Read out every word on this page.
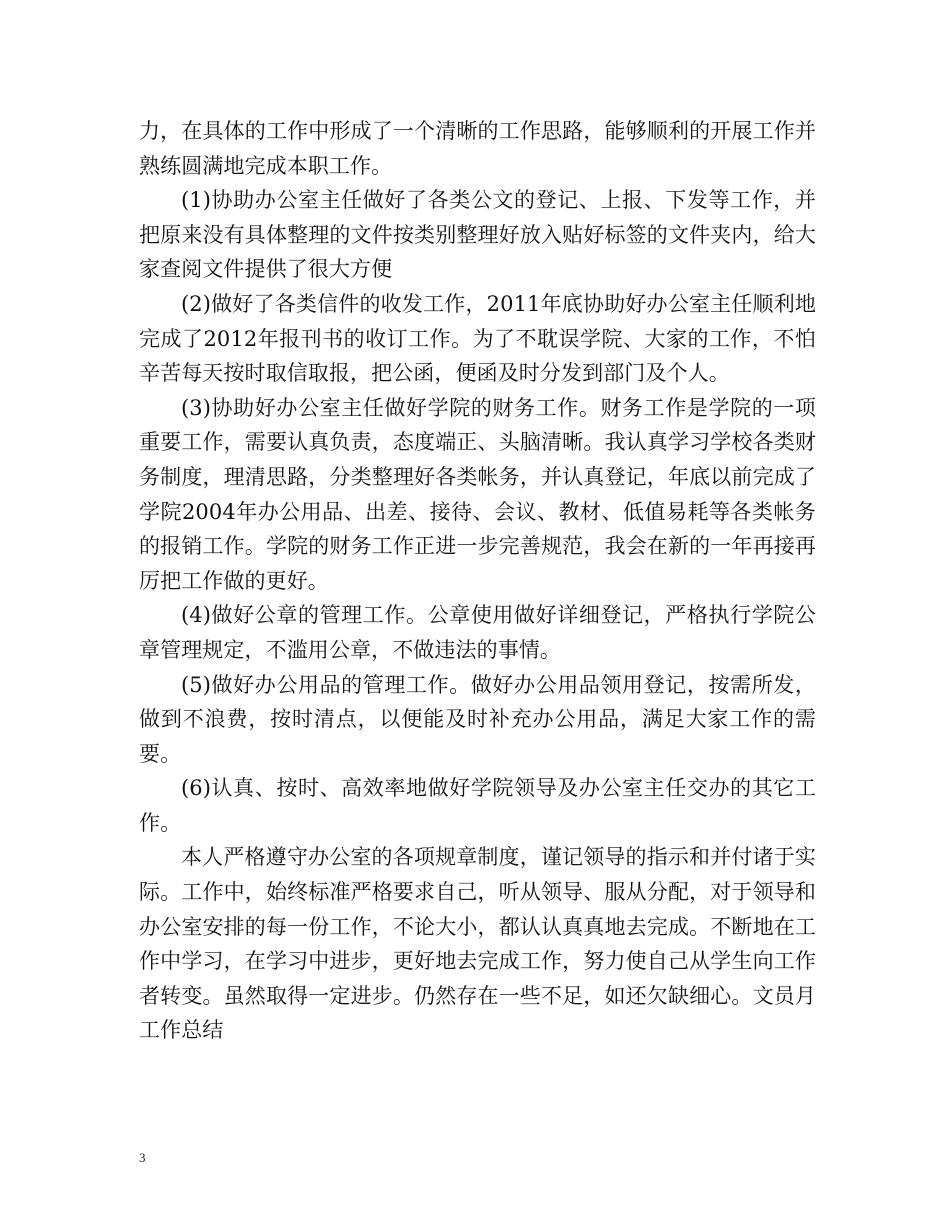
力，在具体的工作中形成了一个清晰的工作思路，能够顺利的开展工作并熟练圆满地完成本职工作。

(1)协助办公室主任做好了各类公文的登记、上报、下发等工作，并把原来没有具体整理的文件按类别整理好放入贴好标签的文件夹内，给大家查阅文件提供了很大方便

(2)做好了各类信件的收发工作，2011年底协助好办公室主任顺利地完成了2012年报刊书的收订工作。为了不耽误学院、大家的工作，不怕辛苦每天按时取信取报，把公函，便函及时分发到部门及个人。

(3)协助好办公室主任做好学院的财务工作。财务工作是学院的一项重要工作，需要认真负责，态度端正、头脑清晰。我认真学习学校各类财务制度，理清思路，分类整理好各类帐务，并认真登记，年底以前完成了学院2004年办公用品、出差、接待、会议、教材、低值易耗等各类帐务的报销工作。学院的财务工作正进一步完善规范，我会在新的一年再接再厉把工作做的更好。

(4)做好公章的管理工作。公章使用做好详细登记，严格执行学院公章管理规定，不滥用公章，不做违法的事情。

(5)做好办公用品的管理工作。做好办公用品领用登记，按需所发，做到不浪费，按时清点，以便能及时补充办公用品，满足大家工作的需要。

(6)认真、按时、高效率地做好学院领导及办公室主任交办的其它工作。

本人严格遵守办公室的各项规章制度，谨记领导的指示和并付诸于实际。工作中，始终标准严格要求自己，听从领导、服从分配，对于领导和办公室安排的每一份工作，不论大小，都认认真真地去完成。不断地在工作中学习，在学习中进步，更好地去完成工作，努力使自己从学生向工作者转变。虽然取得一定进步。仍然存在一些不足，如还欠缺细心。文员月工作总结

3
